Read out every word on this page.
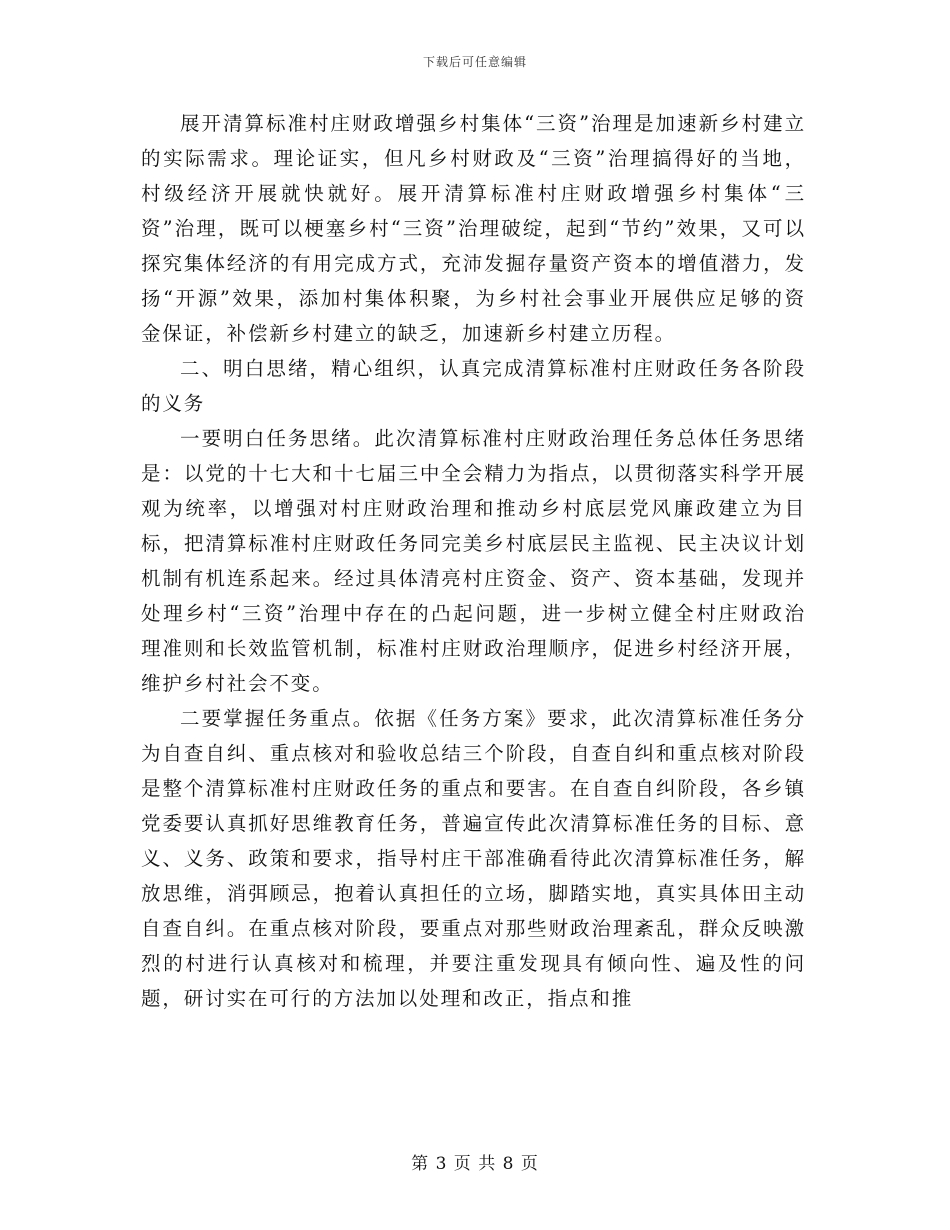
下载后可任意编辑

展开清算标准村庄财政增强乡村集体“三资”治理是加速新乡村建立的实际需求。理论证实，但凡乡村财政及“三资”治理搞得好的当地，村级经济开展就快就好。展开清算标准村庄财政增强乡村集体“三资”治理，既可以梗塞乡村“三资”治理破绽，起到“节约”效果，又可以探究集体经济的有用完成方式，充沛发掘存量资产资本的增值潜力，发扬“开源”效果，添加村集体积聚，为乡村社会事业开展供应足够的资金保证，补偿新乡村建立的缺乏，加速新乡村建立历程。

二、明白思绪，精心组织，认真完成清算标准村庄财政任务各阶段的义务

一要明白任务思绪。此次清算标准村庄财政治理任务总体任务思绪是：以党的十七大和十七届三中全会精力为指点，以贯彻落实科学开展观为统率，以增强对村庄财政治理和推动乡村底层党风廉政建立为目标，把清算标准村庄财政任务同完美乡村底层民主监视、民主决议计划机制有机连系起来。经过具体清亮村庄资金、资产、资本基础，发现并处理乡村“三资”治理中存在的凸起问题，进一步树立健全村庄财政治理准则和长效监管机制，标准村庄财政治理顺序，促进乡村经济开展，维护乡村社会不变。

二要掌握任务重点。依据《任务方案》要求，此次清算标准任务分为自查自纠、重点核对和验收总结三个阶段，自查自纠和重点核对阶段是整个清算标准村庄财政任务的重点和要害。在自查自纠阶段，各乡镇党委要认真抓好思维教育任务，普遍宣传此次清算标准任务的目标、意义、义务、政策和要求，指导村庄干部准确看待此次清算标准任务，解放思维，消弭顾忌，抱着认真担任的立场，脚踏实地，真实具体田主动自查自纠。在重点核对阶段，要重点对那些财政治理紊乱，群众反映激烈的村进行认真核对和梳理，并要注重发现具有倾向性、遍及性的问题，研讨实在可行的方法加以处理和改正，指点和推

第 3 页 共 8 页
